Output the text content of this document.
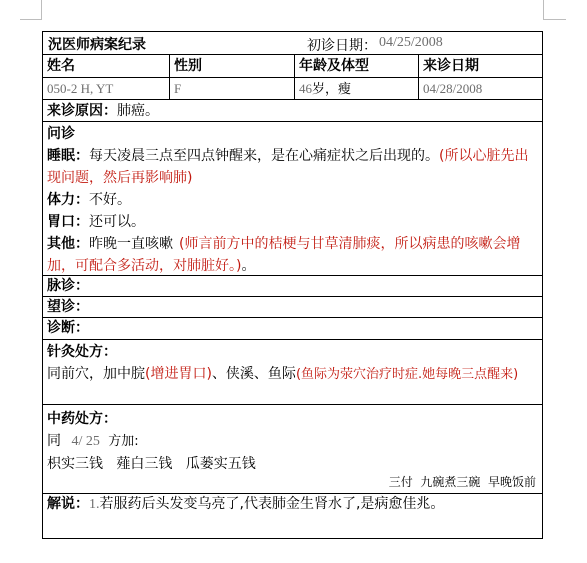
況医师病案纪录	初诊日期： 04/25/2008
姓名	性别	年龄及体型	来诊日期
050-2 H, YT	F	46岁，瘦	04/28/2008
来诊原因：肺癌。
问诊
睡眠：每天凌晨三点至四点钟醒来，是在心痛症状之后出现的。(所以心脏先出
现问题，然后再影响肺)
体力：不好。
胃口：还可以。
其他：昨晚一直咳嗽 (师言前方中的桔梗与甘草清肺痰，所以病患的咳嗽会增
加，可配合多活动，对肺脏好。)。
脉诊：
望诊：
诊断：
针灸处方：
同前穴，加中脘(增进胃口)、侠溪、鱼际(鱼际为荥穴治疗时症.她每晚三点醒来)
中药处方：
同 4/ 25 方加:
枳实三钱   薤白三钱   瓜蒌实五钱
三付  九碗煮三碗  早晚饭前
解说：1.若服药后头发变乌亮了,代表肺金生肾水了,是病愈佳兆。
